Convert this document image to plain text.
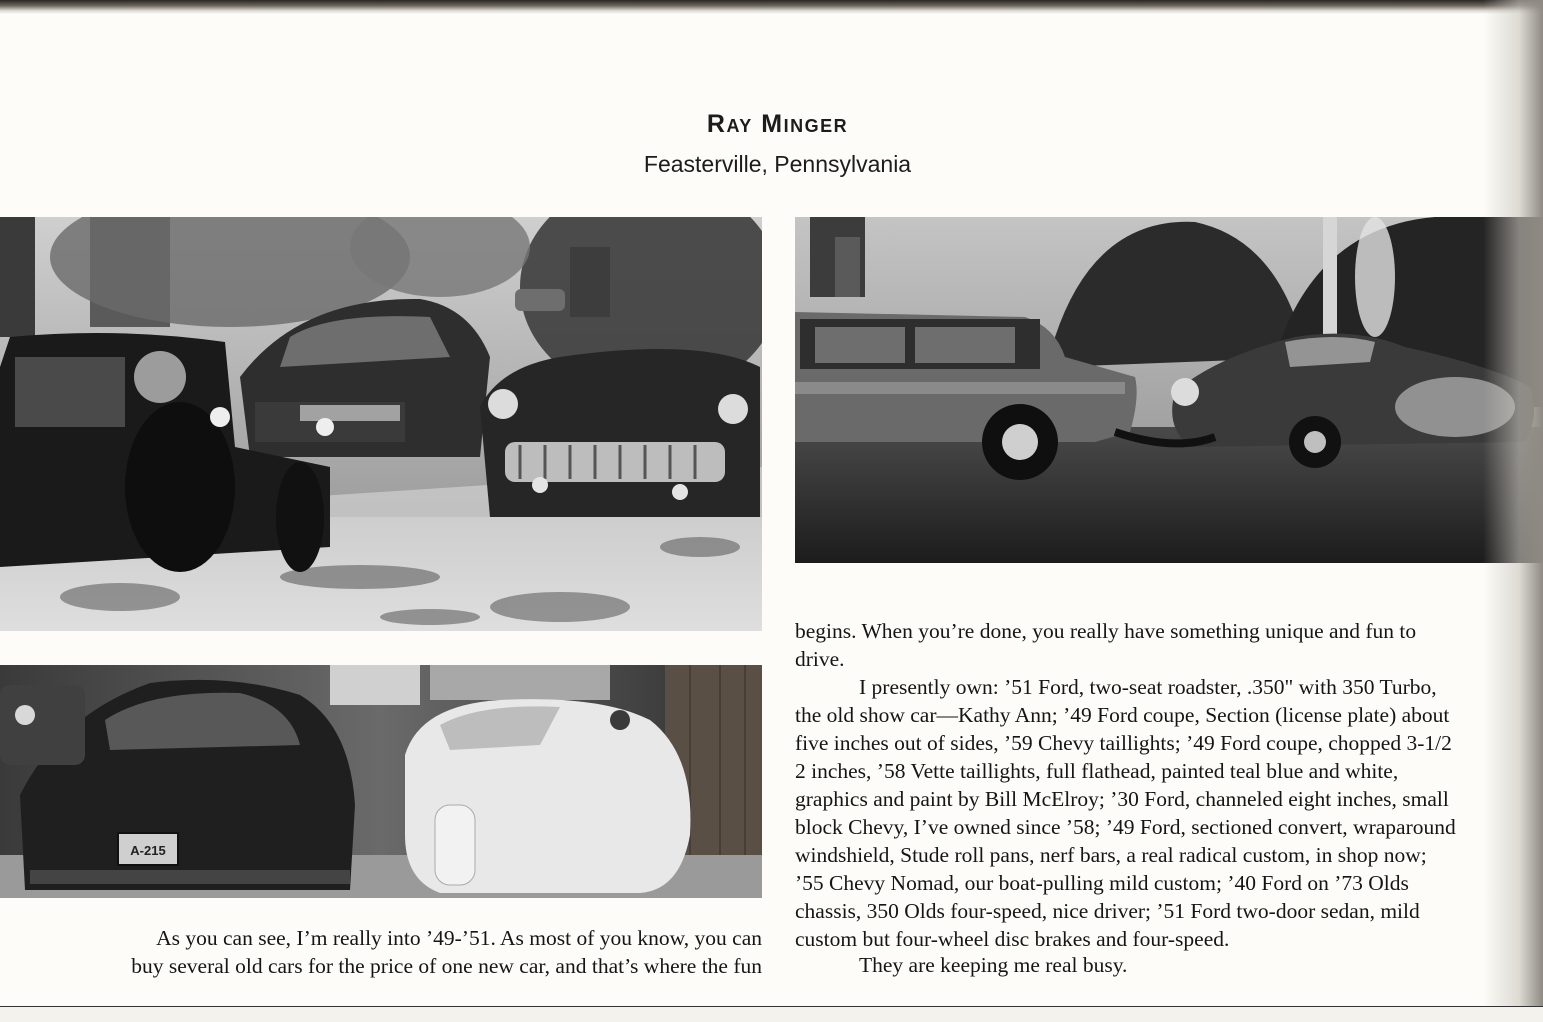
Ray Minger
Feasterville, Pennsylvania
A-215

As you can see, I’m really into ’49-’51. As most of you know, you can
buy several old cars for the price of one new car, and that’s where the fun

begins. When you’re done, you really have something unique and fun to
drive.

I presently own: ’51 Ford, two-seat roadster, .350" with 350 Turbo,
the old show car—Kathy Ann; ’49 Ford coupe, Section (license plate) about
five inches out of sides, ’59 Chevy taillights; ’49 Ford coupe, chopped 3-1/2
2 inches, ’58 Vette taillights, full flathead, painted teal blue and white,
graphics and paint by Bill McElroy; ’30 Ford, channeled eight inches, small
block Chevy, I’ve owned since ’58; ’49 Ford, sectioned convert, wraparound
windshield, Stude roll pans, nerf bars, a real radical custom, in shop now;
’55 Chevy Nomad, our boat-pulling mild custom; ’40 Ford on ’73 Olds
chassis, 350 Olds four-speed, nice driver; ’51 Ford two-door sedan, mild
custom but four-wheel disc brakes and four-speed.

They are keeping me real busy.
